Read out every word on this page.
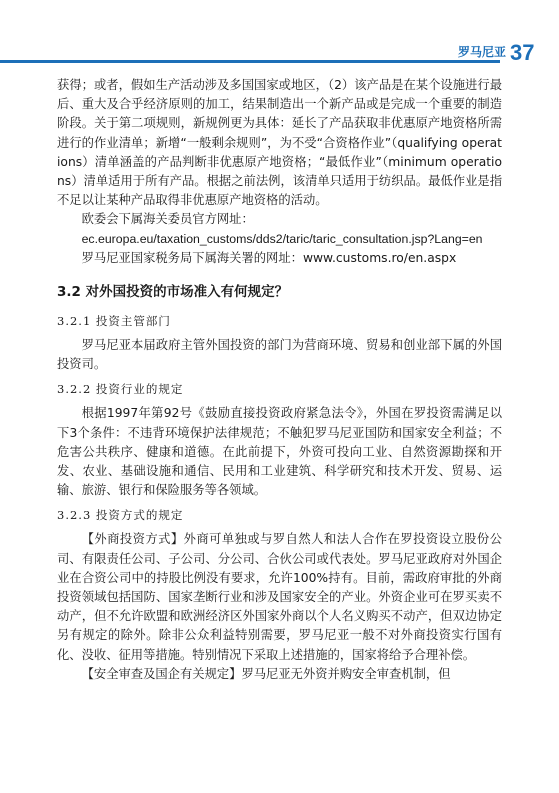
罗马尼亚 37

获得；或者，假如生产活动涉及多国国家或地区，（2）该产品是在某个设施进行最后、重大及合乎经济原则的加工，结果制造出一个新产品或是完成一个重要的制造阶段。关于第二项规则，新规例更为具体：延长了产品获取非优惠原产地资格所需进行的作业清单；新增“一般剩余规则”，为不受“合资格作业”（qualifying operations）清单涵盖的产品判断非优惠原产地资格；“最低作业”（minimum operations）清单适用于所有产品。根据之前法例，该清单只适用于纺织品。最低作业是指不足以让某种产品取得非优惠原产地资格的活动。

欧委会下属海关委员官方网址：

ec.europa.eu/taxation_customs/dds2/taric/taric_consultation.jsp?Lang=en

罗马尼亚国家税务局下属海关署的网址：www.customs.ro/en.aspx

3.2 对外国投资的市场准入有何规定？
3.2.1 投资主管部门

罗马尼亚本届政府主管外国投资的部门为营商环境、贸易和创业部下属的外国投资司。

3.2.2 投资行业的规定

根据1997年第92号《鼓励直接投资政府紧急法令》，外国在罗投资需满足以下3个条件：不违背环境保护法律规范；不触犯罗马尼亚国防和国家安全利益；不危害公共秩序、健康和道德。在此前提下，外资可投向工业、自然资源勘探和开发、农业、基础设施和通信、民用和工业建筑、科学研究和技术开发、贸易、运输、旅游、银行和保险服务等各领域。

3.2.3 投资方式的规定

【外商投资方式】外商可单独或与罗自然人和法人合作在罗投资设立股份公司、有限责任公司、子公司、分公司、合伙公司或代表处。罗马尼亚政府对外国企业在合资公司中的持股比例没有要求，允许100%持有。目前，需政府审批的外商投资领域包括国防、国家垄断行业和涉及国家安全的产业。外资企业可在罗买卖不动产，但不允许欧盟和欧洲经济区外国家外商以个人名义购买不动产，但双边协定另有规定的除外。除非公众利益特别需要，罗马尼亚一般不对外商投资实行国有化、没收、征用等措施。特别情况下采取上述措施的，国家将给予合理补偿。

【安全审查及国企有关规定】罗马尼亚无外资并购安全审查机制，但
